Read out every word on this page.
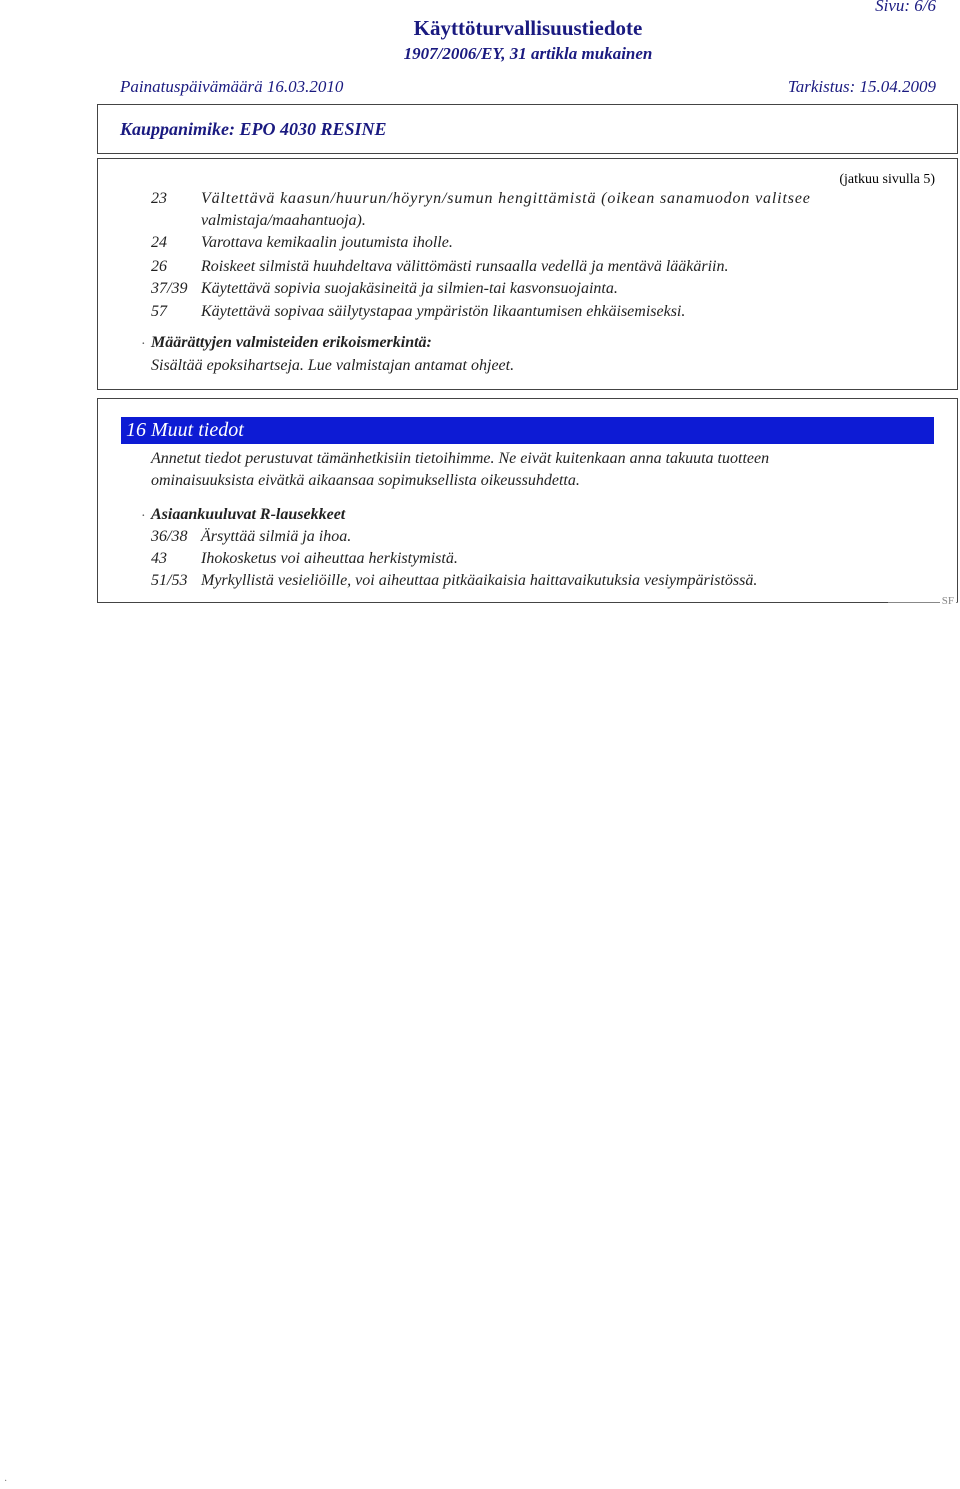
Sivu: 6/6
Käyttöturvallisuustiedote
1907/2006/EY, 31 artikla mukainen
Painatuspäivämäärä 16.03.2010	Tarkistus: 15.04.2009
Kauppanimike: EPO 4030 RESINE
(jatkuu sivulla 5)
23 Vältettävä kaasun/huurun/höyryn/sumun hengittämistä (oikean sanamuodon valitsee
valmistaja/maahantuoja).
24 Varottava kemikaalin joutumista iholle.
26 Roiskeet silmistä huuhdeltava välittömästi runsaalla vedellä ja mentävä lääkäriin.
37/39 Käytettävä sopivia suojakäsineitä ja silmien-tai kasvonsuojainta.
57 Käytettävä sopivaa säilytystapaa ympäristön likaantumisen ehkäisemiseksi.
· Määrättyjen valmisteiden erikoismerkintä:
Sisältää epoksihartseja. Lue valmistajan antamat ohjeet.
16 Muut tiedot
Annetut tiedot perustuvat tämänhetkisiin tietoihimme. Ne eivät kuitenkaan anna takuuta tuotteen
ominaisuuksista eivätkä aikaansaa sopimuksellista oikeussuhdetta.
· Asiaankuuluvat R-lausekkeet
36/38 Ärsyttää silmiä ja ihoa.
43 Ihokosketus voi aiheuttaa herkistymistä.
51/53 Myrkyllistä vesieliöille, voi aiheuttaa pitkäaikaisia haittavaikutuksia vesiympäristössä.
SF
·
